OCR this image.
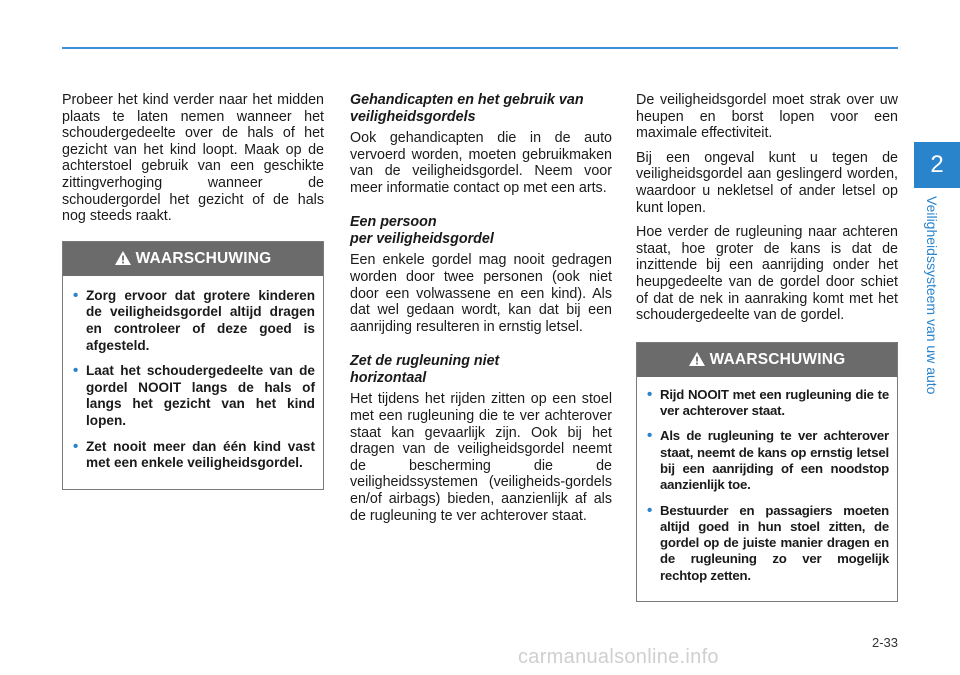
Probeer het kind verder naar het midden plaats te laten nemen wanneer het schoudergedeelte over de hals of het gezicht van het kind loopt. Maak op de achterstoel gebruik van een geschikte zittingverhoging wanneer de schoudergordel het gezicht of de hals nog steeds raakt.

WAARSCHUWING
• Zorg ervoor dat grotere kinderen de veiligheidsgordel altijd dragen en controleer of deze goed is afgesteld.
• Laat het schoudergedeelte van de gordel NOOIT langs de hals of langs het gezicht van het kind lopen.
• Zet nooit meer dan één kind vast met een enkele veiligheidsgordel.
Gehandicapten en het gebruik van veiligheidsgordels

Ook gehandicapten die in de auto vervoerd worden, moeten gebruikmaken van de veiligheidsgordel. Neem voor meer informatie contact op met een arts.

Een persoon
per veiligheidsgordel

Een enkele gordel mag nooit gedragen worden door twee personen (ook niet door een volwassene en een kind). Als dat wel gedaan wordt, kan dat bij een aanrijding resulteren in ernstig letsel.

Zet de rugleuning niet
horizontaal

Het tijdens het rijden zitten op een stoel met een rugleuning die te ver achterover staat kan gevaarlijk zijn. Ook bij het dragen van de veiligheidsgordel neemt de bescherming die de veiligheidssystemen (veiligheids-gordels en/of airbags) bieden, aanzienlijk af als de rugleuning te ver achterover staat.

De veiligheidsgordel moet strak over uw heupen en borst lopen voor een maximale effectiviteit.

Bij een ongeval kunt u tegen de veiligheidsgordel aan geslingerd worden, waardoor u nekletsel of ander letsel op kunt lopen.

Hoe verder de rugleuning naar achteren staat, hoe groter de kans is dat de inzittende bij een aanrijding onder het heupgedeelte van de gordel door schiet of dat de nek in aanraking komt met het schoudergedeelte van de gordel.

WAARSCHUWING
• Rijd NOOIT met een rugleuning die te ver achterover staat.
• Als de rugleuning te ver achterover staat, neemt de kans op ernstig letsel bij een aanrijding of een noodstop aanzienlijk toe.
• Bestuurder en passagiers moeten altijd goed in hun stoel zitten, de gordel op de juiste manier dragen en de rugleuning zo ver mogelijk rechtop zetten.
2
Veiligheidssysteem van uw auto
2-33
carmanualsonline.info
